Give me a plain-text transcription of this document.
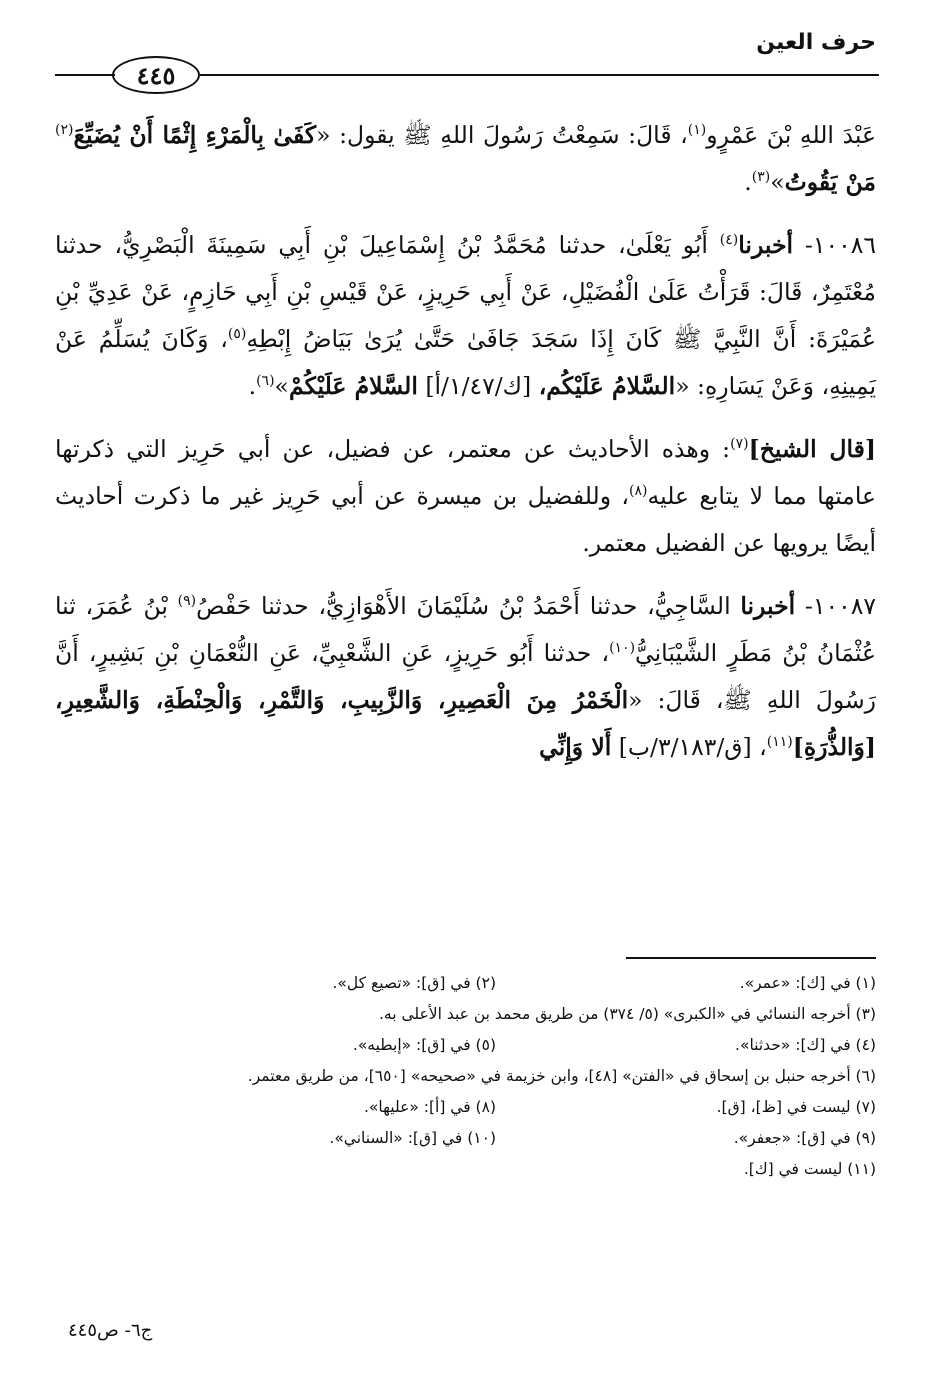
حرف العين
٤٤٥

عَبْدَ اللهِ بْنَ عَمْرٍو$^{(١)}$، قَالَ: سَمِعْتُ رَسُولَ اللهِ ﷺ يقول: «كَفَىٰ بِالْمَرْءِ إِثْمًا أَنْ يُضَيِّعَ$^{(٢)}$ مَنْ يَقُوتُ»$^{(٣)}$.

١٠٠٨٦- أخبرنا$^{(٤)}$ أَبُو يَعْلَىٰ، حدثنا مُحَمَّدُ بْنُ إِسْمَاعِيلَ بْنِ أَبِي سَمِينَةَ الْبَصْرِيُّ، حدثنا مُعْتَمِرٌ، قَالَ: قَرَأْتُ عَلَىٰ الْفُضَيْلِ، عَنْ أَبِي حَرِيزٍ، عَنْ قَيْسِ بْنِ أَبِي حَازِمٍ، عَنْ عَدِيِّ بْنِ عُمَيْرَةَ: أَنَّ النَّبِيَّ ﷺ كَانَ إِذَا سَجَدَ جَافَىٰ حَتَّىٰ يُرَىٰ بَيَاضُ إِبْطِهِ$^{(٥)}$، وَكَانَ يُسَلِّمُ عَنْ يَمِينِهِ، وَعَنْ يَسَارِهِ: «السَّلامُ عَلَيْكُم، [ك/١/٤٧/أ] السَّلامُ عَلَيْكُمْ»$^{(٦)}$.

[قال الشيخ]$^{(٧)}$: وهذه الأحاديث عن معتمر، عن فضيل، عن أبي حَرِيز التي ذكرتها عامتها مما لا يتابع عليه$^{(٨)}$، وللفضيل بن ميسرة عن أبي حَرِيز غير ما ذكرت أحاديث أيضًا يرويها عن الفضيل معتمر.

١٠٠٨٧- أخبرنا السَّاجِيُّ، حدثنا أَحْمَدُ بْنُ سُلَيْمَانَ الأَهْوَازِيُّ، حدثنا حَفْصُ$^{(٩)}$ بْنُ عُمَرَ، ثنا عُثْمَانُ بْنُ مَطَرٍ الشَّيْبَانِيُّ$^{(١٠)}$، حدثنا أَبُو حَرِيزٍ، عَنِ الشَّعْبِيِّ، عَنِ النُّعْمَانِ بْنِ بَشِيرٍ، أَنَّ رَسُولَ اللهِ ﷺ، قَالَ: «الْخَمْرُ مِنَ الْعَصِيرِ، وَالزَّبِيبِ، وَالتَّمْرِ، وَالْحِنْطَةِ، وَالشَّعِيرِ، [وَالذُّرَةِ]$^{(١١)}$، [ق/٣/١٨٣/ب] أَلا وَإِنِّي

(١) في [ك]: «عمر».
(٢) في [ق]: «تصيع كل».
(٣) أخرجه النسائي في «الكبرى» (٥/ ٣٧٤) من طريق محمد بن عبد الأعلى به.
(٤) في [ك]: «حدثنا».
(٥) في [ق]: «إبطيه».
(٦) أخرجه حنبل بن إسحاق في «الفتن» [٤٨]، وابن خزيمة في «صحيحه» [٦٥٠]، من طريق معتمر.
(٧) ليست في [ظ]، [ق].
(٨) في [أ]: «عليها».
(٩) في [ق]: «جعفر».
(١٠) في [ق]: «السناني».
(١١) ليست في [ك].
ج٦- ص٤٤٥
